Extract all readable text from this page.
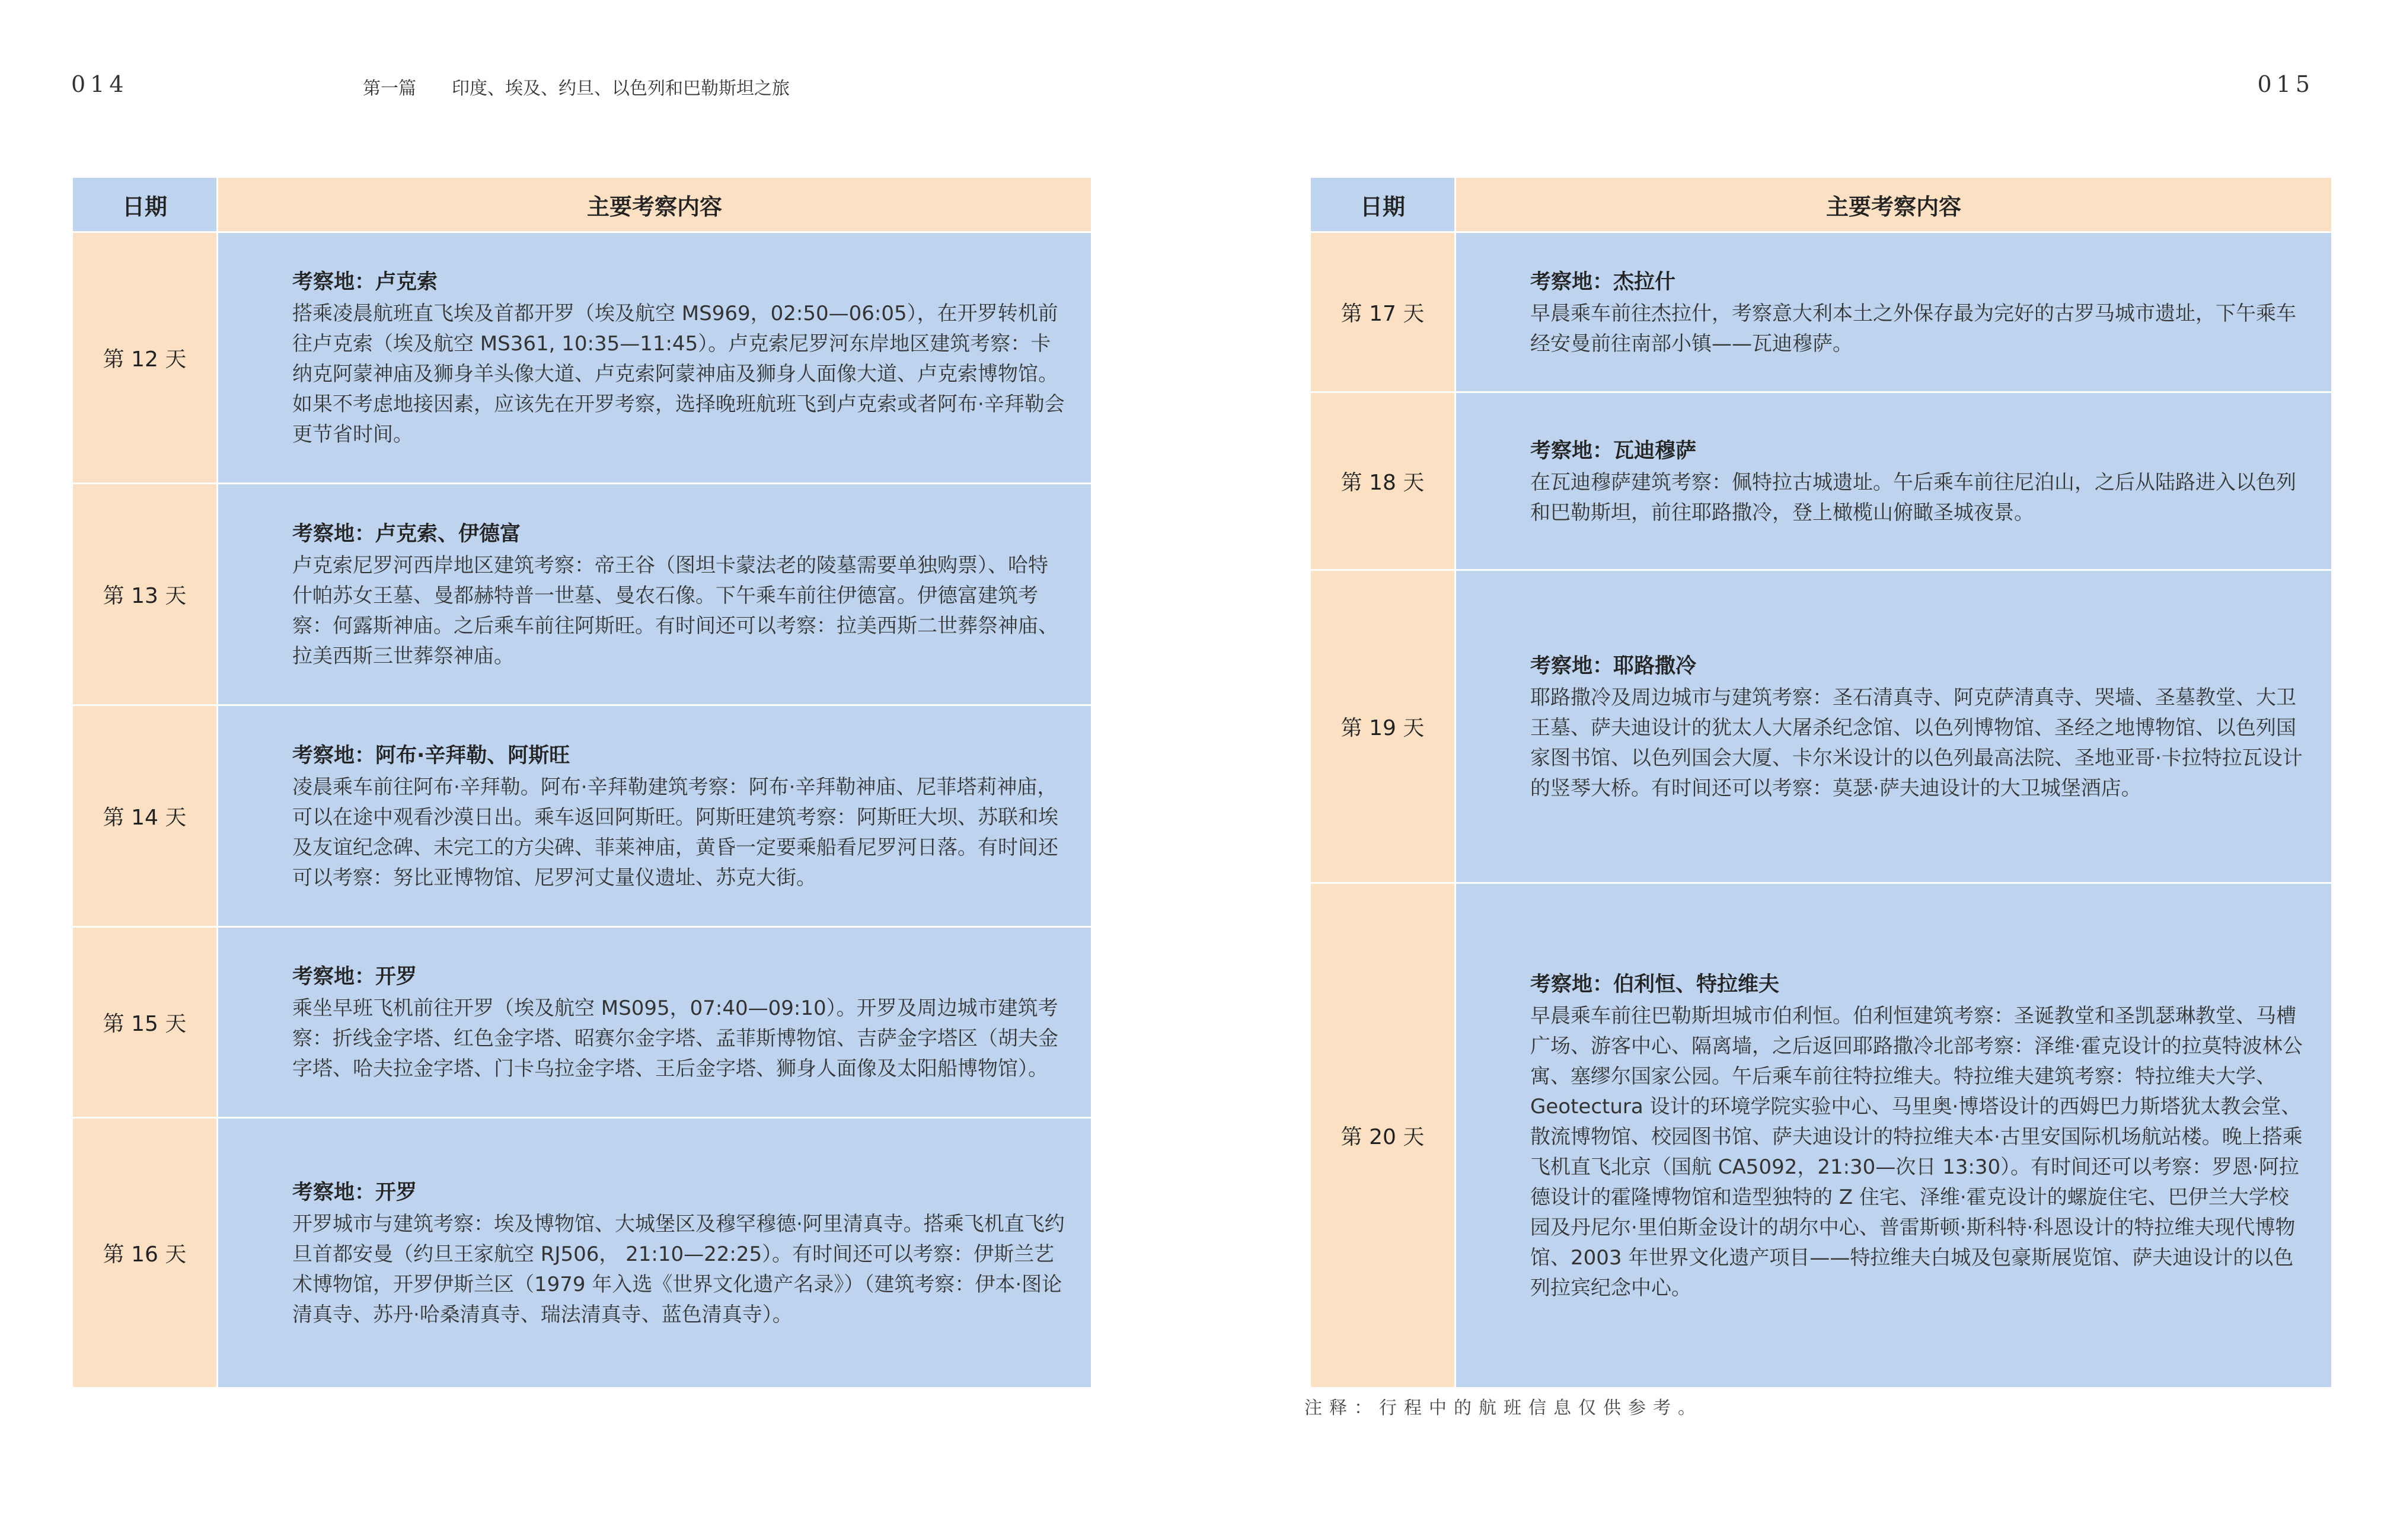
014	015
第一篇 印度、埃及、约旦、以色列和巴勒斯坦之旅
日期	主要考察内容
第 12 天	考察地：卢克索
搭乘凌晨航班直飞埃及首都开罗（埃及航空 MS969，02:50—06:05），在开罗转机前往卢克索（埃及航空 MS361, 10:35—11:45）。卢克索尼罗河东岸地区建筑考察：卡纳克阿蒙神庙及狮身羊头像大道、卢克索阿蒙神庙及狮身人面像大道、卢克索博物馆。如果不考虑地接因素，应该先在开罗考察，选择晚班航班飞到卢克索或者阿布·辛拜勒会更节省时间。

第 13 天	考察地：卢克索、伊德富
卢克索尼罗河西岸地区建筑考察：帝王谷（图坦卡蒙法老的陵墓需要单独购票）、哈特什帕苏女王墓、曼都赫特普一世墓、曼农石像。下午乘车前往伊德富。伊德富建筑考察：何露斯神庙。之后乘车前往阿斯旺。有时间还可以考察：拉美西斯二世葬祭神庙、拉美西斯三世葬祭神庙。

第 14 天	考察地：阿布·辛拜勒、阿斯旺
凌晨乘车前往阿布·辛拜勒。阿布·辛拜勒建筑考察：阿布·辛拜勒神庙、尼菲塔莉神庙，可以在途中观看沙漠日出。乘车返回阿斯旺。阿斯旺建筑考察：阿斯旺大坝、苏联和埃及友谊纪念碑、未完工的方尖碑、菲莱神庙，黄昏一定要乘船看尼罗河日落。有时间还可以考察：努比亚博物馆、尼罗河丈量仪遗址、苏克大街。

第 15 天	考察地：开罗
乘坐早班飞机前往开罗（埃及航空 MS095，07:40—09:10）。开罗及周边城市建筑考察：折线金字塔、红色金字塔、昭赛尔金字塔、孟菲斯博物馆、吉萨金字塔区（胡夫金字塔、哈夫拉金字塔、门卡乌拉金字塔、王后金字塔、狮身人面像及太阳船博物馆）。

第 16 天	考察地：开罗
开罗城市与建筑考察：埃及博物馆、大城堡区及穆罕穆德·阿里清真寺。搭乘飞机直飞约旦首都安曼（约旦王家航空 RJ506， 21:10—22:25）。有时间还可以考察：伊斯兰艺术博物馆，开罗伊斯兰区（1979 年入选《世界文化遗产名录》）（建筑考察：伊本·图论清真寺、苏丹·哈桑清真寺、瑞法清真寺、蓝色清真寺）。
日期	主要考察内容
第 17 天	考察地：杰拉什
早晨乘车前往杰拉什，考察意大利本土之外保存最为完好的古罗马城市遗址，下午乘车经安曼前往南部小镇——瓦迪穆萨。

第 18 天	考察地：瓦迪穆萨
在瓦迪穆萨建筑考察：佩特拉古城遗址。午后乘车前往尼泊山，之后从陆路进入以色列和巴勒斯坦，前往耶路撒冷，登上橄榄山俯瞰圣城夜景。

第 19 天	考察地：耶路撒冷
耶路撒冷及周边城市与建筑考察：圣石清真寺、阿克萨清真寺、哭墙、圣墓教堂、大卫王墓、萨夫迪设计的犹太人大屠杀纪念馆、以色列博物馆、圣经之地博物馆、以色列国家图书馆、以色列国会大厦、卡尔米设计的以色列最高法院、圣地亚哥·卡拉特拉瓦设计的竖琴大桥。有时间还可以考察：莫瑟·萨夫迪设计的大卫城堡酒店。

第 20 天	考察地：伯利恒、特拉维夫
早晨乘车前往巴勒斯坦城市伯利恒。伯利恒建筑考察：圣诞教堂和圣凯瑟琳教堂、马槽广场、游客中心、隔离墙，之后返回耶路撒冷北部考察：泽维·霍克设计的拉莫特波林公寓、塞缪尔国家公园。午后乘车前往特拉维夫。特拉维夫建筑考察：特拉维夫大学、Geotectura 设计的环境学院实验中心、马里奥·博塔设计的西姆巴力斯塔犹太教会堂、散流博物馆、校园图书馆、萨夫迪设计的特拉维夫本·古里安国际机场航站楼。晚上搭乘飞机直飞北京（国航 CA5092，21:30—次日 13:30）。有时间还可以考察：罗恩·阿拉德设计的霍隆博物馆和造型独特的 Z 住宅、泽维·霍克设计的螺旋住宅、巴伊兰大学校园及丹尼尔·里伯斯金设计的胡尔中心、普雷斯顿·斯科特·科恩设计的特拉维夫现代博物馆、2003 年世界文化遗产项目——特拉维夫白城及包豪斯展览馆、萨夫迪设计的以色列拉宾纪念中心。
注释：行程中的航班信息仅供参考。
